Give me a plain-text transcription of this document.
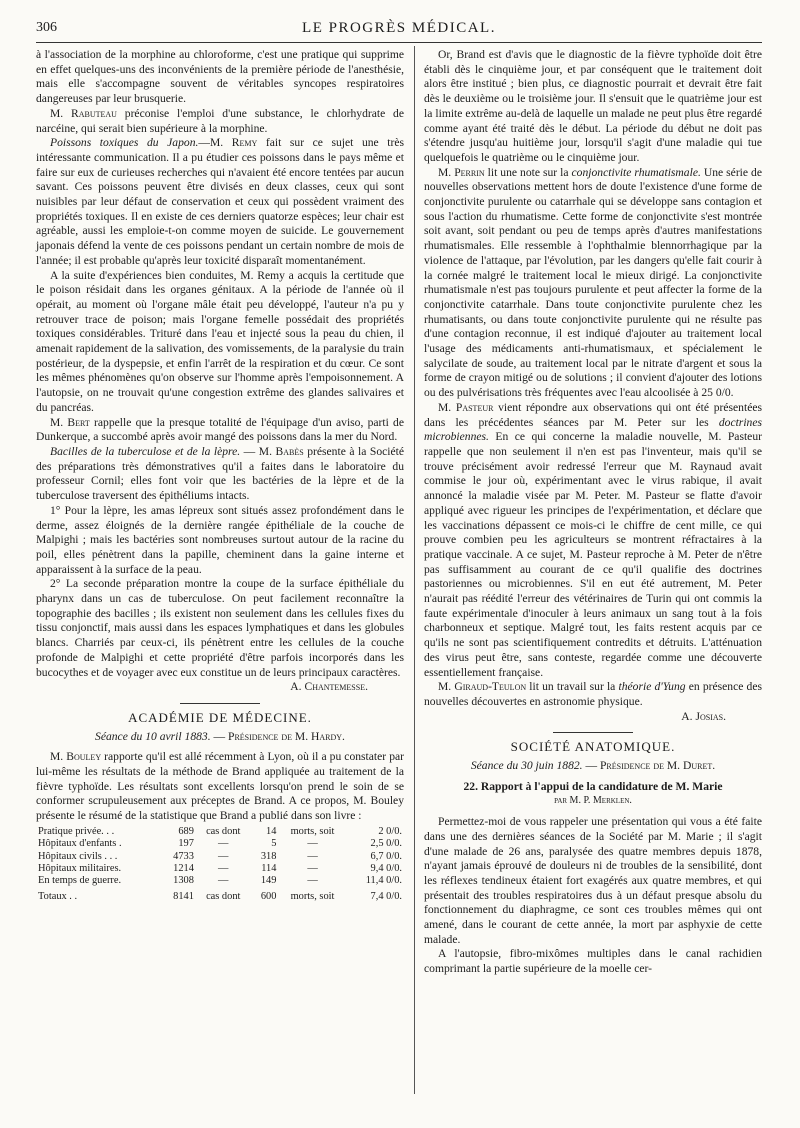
306	LE PROGRÈS MÉDICAL.

à l'association de la morphine au chloroforme, c'est une pratique qui supprime en effet quelques-uns des inconvénients de la première période de l'anesthésie, mais elle s'accompagne souvent de véritables syncopes respiratoires dangereuses par leur brusquerie.

M. Rabuteau préconise l'emploi d'une substance, le chlorhydrate de narcéine, qui serait bien supérieure à la morphine.

Poissons toxiques du Japon.—M. Remy fait sur ce sujet une très intéressante communication. Il a pu étudier ces poissons dans le pays même et faire sur eux de curieuses recherches qui n'avaient été encore tentées par aucun savant. Ces poissons peuvent être divisés en deux classes, ceux qui sont nuisibles par leur défaut de conservation et ceux qui possèdent vraiment des propriétés toxiques. Il en existe de ces derniers quatorze espèces; leur chair est agréable, aussi les emploie-t-on comme moyen de suicide. Le gouvernement japonais défend la vente de ces poissons pendant un certain nombre de mois de l'année; il est probable qu'après leur toxicité disparaît momentanément.

A la suite d'expériences bien conduites, M. Remy a acquis la certitude que le poison résidait dans les organes génitaux. A la période de l'année où il opérait, au moment où l'organe mâle était peu développé, l'auteur n'a pu y retrouver trace de poison; mais l'organe femelle possédait des propriétés toxiques considérables. Trituré dans l'eau et injecté sous la peau du chien, il amenait rapidement de la salivation, des vomissements, de la paralysie du train postérieur, de la dyspepsie, et enfin l'arrêt de la respiration et du cœur. Ce sont les mêmes phénomènes qu'on observe sur l'homme après l'empoisonnement. A l'autopsie, on ne trouvait qu'une congestion extrême des glandes salivaires et du pancréas.

M. Bert rappelle que la presque totalité de l'équipage d'un aviso, parti de Dunkerque, a succombé après avoir mangé des poissons dans la mer du Nord.

Bacilles de la tuberculose et de la lèpre. — M. Babès présente à la Société des préparations très démonstratives qu'il a faites dans le laboratoire du professeur Cornil; elles font voir que les bactéries de la lèpre et de la tuberculose traversent des épithéliums intacts.

1° Pour la lèpre, les amas lépreux sont situés assez profondément dans le derme, assez éloignés de la dernière rangée épithéliale de la couche de Malpighi ; mais les bactéries sont nombreuses surtout autour de la racine du poil, elles pénètrent dans la papille, cheminent dans la gaine interne et apparaissent à la surface de la peau.

2° La seconde préparation montre la coupe de la surface épithéliale du pharynx dans un cas de tuberculose. On peut facilement reconnaître la topographie des bacilles ; ils existent non seulement dans les cellules fixes du tissu conjonctif, mais aussi dans les espaces lymphatiques et dans les globules blancs. Charriés par ceux-ci, ils pénètrent entre les cellules de la couche profonde de Malpighi et cette propriété d'être parfois incorporés dans les bucocythes et de voyager avec eux constitue un de leurs principaux caractères.

A. Chantemesse.
ACADÉMIE DE MÉDECINE.
Séance du 10 avril 1883. — Présidence de M. Hardy.

M. Bouley rapporte qu'il est allé récemment à Lyon, où il a pu constater par lui-même les résultats de la méthode de Brand appliquée au traitement de la fièvre typhoïde. Les résultats sont excellents lorsqu'on prend le soin de se conformer scrupuleusement aux préceptes de Brand. A ce propos, M. Bouley présente le résumé de la statistique que Brand a publié dans son livre :

Pratique privée. . .	689	cas dont	14	morts, soit	2 0/0.
Hôpitaux d'enfants .	197	—	5	—	2,5 0/0.
Hôpitaux civils . . .	4733	—	318	—	6,7 0/0.
Hôpitaux militaires.	1214	—	114	—	9,4 0/0.
En temps de guerre.	1308	—	149	—	11,4 0/0.
Totaux . .	8141	cas dont	600	morts, soit	7,4 0/0.

Or, Brand est d'avis que le diagnostic de la fièvre typhoïde doit être établi dès le cinquième jour, et par conséquent que le traitement doit alors être institué ; bien plus, ce diagnostic pourrait et devrait être fait dès le deuxième ou le troisième jour. Il s'ensuit que le quatrième jour est la limite extrême au-delà de laquelle un malade ne peut plus être regardé comme ayant été traité dès le début. La période du début ne doit pas s'étendre jusqu'au huitième jour, lorsqu'il s'agit d'une maladie qui tue quelquefois le quatrième ou le cinquième jour.

M. Perrin lit une note sur la conjonctivite rhumatismale. Une série de nouvelles observations mettent hors de doute l'existence d'une forme de conjonctivite purulente ou catarrhale qui se développe sans contagion et sous l'action du rhumatisme. Cette forme de conjonctivite s'est montrée soit avant, soit pendant ou peu de temps après d'autres manifestations rhumatismales. Elle ressemble à l'ophthalmie blennorrhagique par la violence de l'attaque, par l'évolution, par les dangers qu'elle fait courir à la cornée malgré le traitement local le mieux dirigé. La conjonctivite rhumatismale n'est pas toujours purulente et peut affecter la forme de la conjonctivite catarrhale. Dans toute conjonctivite purulente chez les rhumatisants, ou dans toute conjonctivite purulente qui ne résulte pas d'une contagion reconnue, il est indiqué d'ajouter au traitement local l'usage des médicaments anti-rhumatismaux, et spécialement le salycilate de soude, au traitement local par le nitrate d'argent et sous la forme de crayon mitigé ou de solutions ; il convient d'ajouter des lotions ou des pulvérisations très fréquentes avec l'eau alcoolisée à 25 0/0.

M. Pasteur vient répondre aux observations qui ont été présentées dans les précédentes séances par M. Peter sur les doctrines microbiennes. En ce qui concerne la maladie nouvelle, M. Pasteur rappelle que non seulement il n'en est pas l'inventeur, mais qu'il se trouve précisément avoir redressé l'erreur que M. Raynaud avait commise le jour où, expérimentant avec le virus rabique, il avait annoncé la maladie visée par M. Peter. M. Pasteur se flatte d'avoir appliqué avec rigueur les principes de l'expérimentation, et déclare que les vaccinations dépassent ce mois-ci le chiffre de cent mille, ce qui prouve combien peu les agriculteurs se montrent réfractaires à la pratique vaccinale. A ce sujet, M. Pasteur reproche à M. Peter de n'être pas suffisamment au courant de ce qu'il qualifie des doctrines pastoriennes ou microbiennes. S'il en eut été autrement, M. Peter n'aurait pas réédité l'erreur des vétérinaires de Turin qui ont commis la faute expérimentale d'inoculer à leurs animaux un sang tout à la fois charbonneux et septique. Malgré tout, les faits restent acquis par ce qu'ils ne sont pas scientifiquement contredits et détruits. L'atténuation des virus peut être, sans conteste, regardée comme une découverte essentiellement française.

M. Giraud-Teulon lit un travail sur la théorie d'Yung en présence des nouvelles découvertes en astronomie physique.

A. Josias.
SOCIÉTÉ ANATOMIQUE.
Séance du 30 juin 1882. — Présidence de M. Duret.
22. Rapport à l'appui de la candidature de M. Marie
par M. P. Merklen.

Permettez-moi de vous rappeler une présentation qui vous a été faite dans une des dernières séances de la Société par M. Marie ; il s'agit d'une malade de 26 ans, paralysée des quatre membres depuis 1878, n'ayant jamais éprouvé de douleurs ni de troubles de la sensibilité, dont les réflexes tendineux étaient fort exagérés aux quatre membres, et qui présentait des troubles respiratoires dus à un défaut presque absolu du fonctionnement du diaphragme, ce sont ces troubles mêmes qui ont amené, dans le courant de cette année, la mort par asphyxie de cette malade.

A l'autopsie, fibro-mixômes multiples dans le canal rachidien comprimant la partie supérieure de la moelle cer-
